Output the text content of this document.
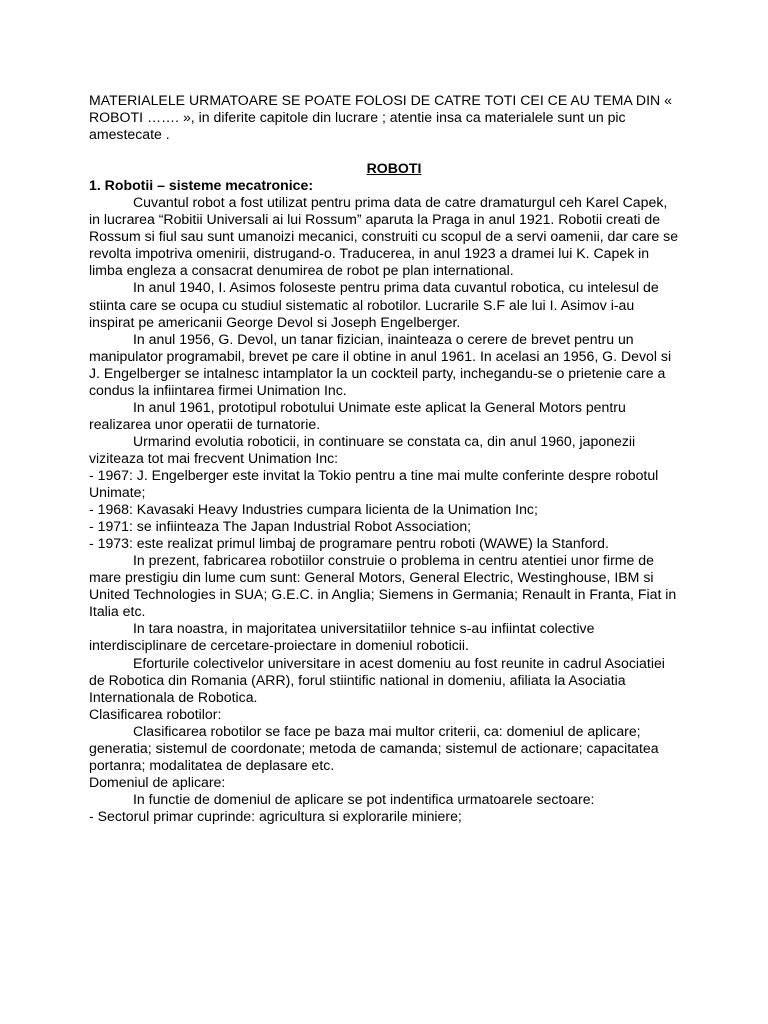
MATERIALELE URMATOARE SE POATE FOLOSI DE CATRE TOTI CEI CE AU TEMA DIN « ROBOTI ……. », in diferite capitole din lucrare ; atentie insa ca materialele sunt un pic amestecate .

ROBOTI

1. Robotii – sisteme mecatronice:

Cuvantul robot a fost utilizat pentru prima data de catre dramaturgul ceh Karel Capek, in lucrarea “Robitii Universali ai lui Rossum” aparuta la Praga in anul 1921. Robotii creati de Rossum si fiul sau sunt umanoizi mecanici, construiti cu scopul de a servi oamenii, dar care se revolta impotriva omenirii, distrugand-o. Traducerea, in anul 1923 a dramei lui K. Capek in limba engleza a consacrat denumirea de robot pe plan international.

In anul 1940, I. Asimos foloseste pentru prima data cuvantul robotica, cu intelesul de stiinta care se ocupa cu studiul sistematic al robotilor. Lucrarile S.F ale lui I. Asimov i-au inspirat pe americanii George Devol si Joseph Engelberger.

In anul 1956, G. Devol, un tanar fizician, inainteaza o cerere de brevet pentru un manipulator programabil, brevet pe care il obtine in anul 1961. In acelasi an 1956, G. Devol si J. Engelberger se intalnesc intamplator la un cockteil party, inchegandu-se o prietenie care a condus la infiintarea firmei Unimation Inc.

In anul 1961, prototipul robotului Unimate este aplicat la General Motors pentru realizarea unor operatii de turnatorie.

Urmarind evolutia roboticii, in continuare se constata ca, din anul 1960, japonezii viziteaza tot mai frecvent Unimation Inc:

- 1967: J. Engelberger este invitat la Tokio pentru a tine mai multe conferinte despre robotul Unimate;

- 1968: Kavasaki Heavy Industries cumpara licienta de la Unimation Inc;

- 1971: se infiinteaza The Japan Industrial Robot Association;

- 1973: este realizat primul limbaj de programare pentru roboti (WAWE) la Stanford.

In prezent, fabricarea robotiilor construie o problema in centru atentiei unor firme de mare prestigiu din lume cum sunt: General Motors, General Electric, Westinghouse, IBM si United Technologies in SUA; G.E.C. in Anglia; Siemens in Germania; Renault in Franta, Fiat in Italia etc.

In tara noastra, in majoritatea universitatiilor tehnice s-au infiintat colective interdisciplinare de cercetare-proiectare in domeniul roboticii.

Eforturile colectivelor universitare in acest domeniu au fost reunite in cadrul Asociatiei de Robotica din Romania (ARR), forul stiintific national in domeniu, afiliata la Asociatia Internationala de Robotica.

Clasificarea robotilor:

Clasificarea robotilor se face pe baza mai multor criterii, ca: domeniul de aplicare; generatia; sistemul de coordonate; metoda de camanda; sistemul de actionare; capacitatea portanra; modalitatea de deplasare etc.

Domeniul de aplicare:

In functie de domeniul de aplicare se pot indentifica urmatoarele sectoare:

- Sectorul primar cuprinde: agricultura si explorarile miniere;
